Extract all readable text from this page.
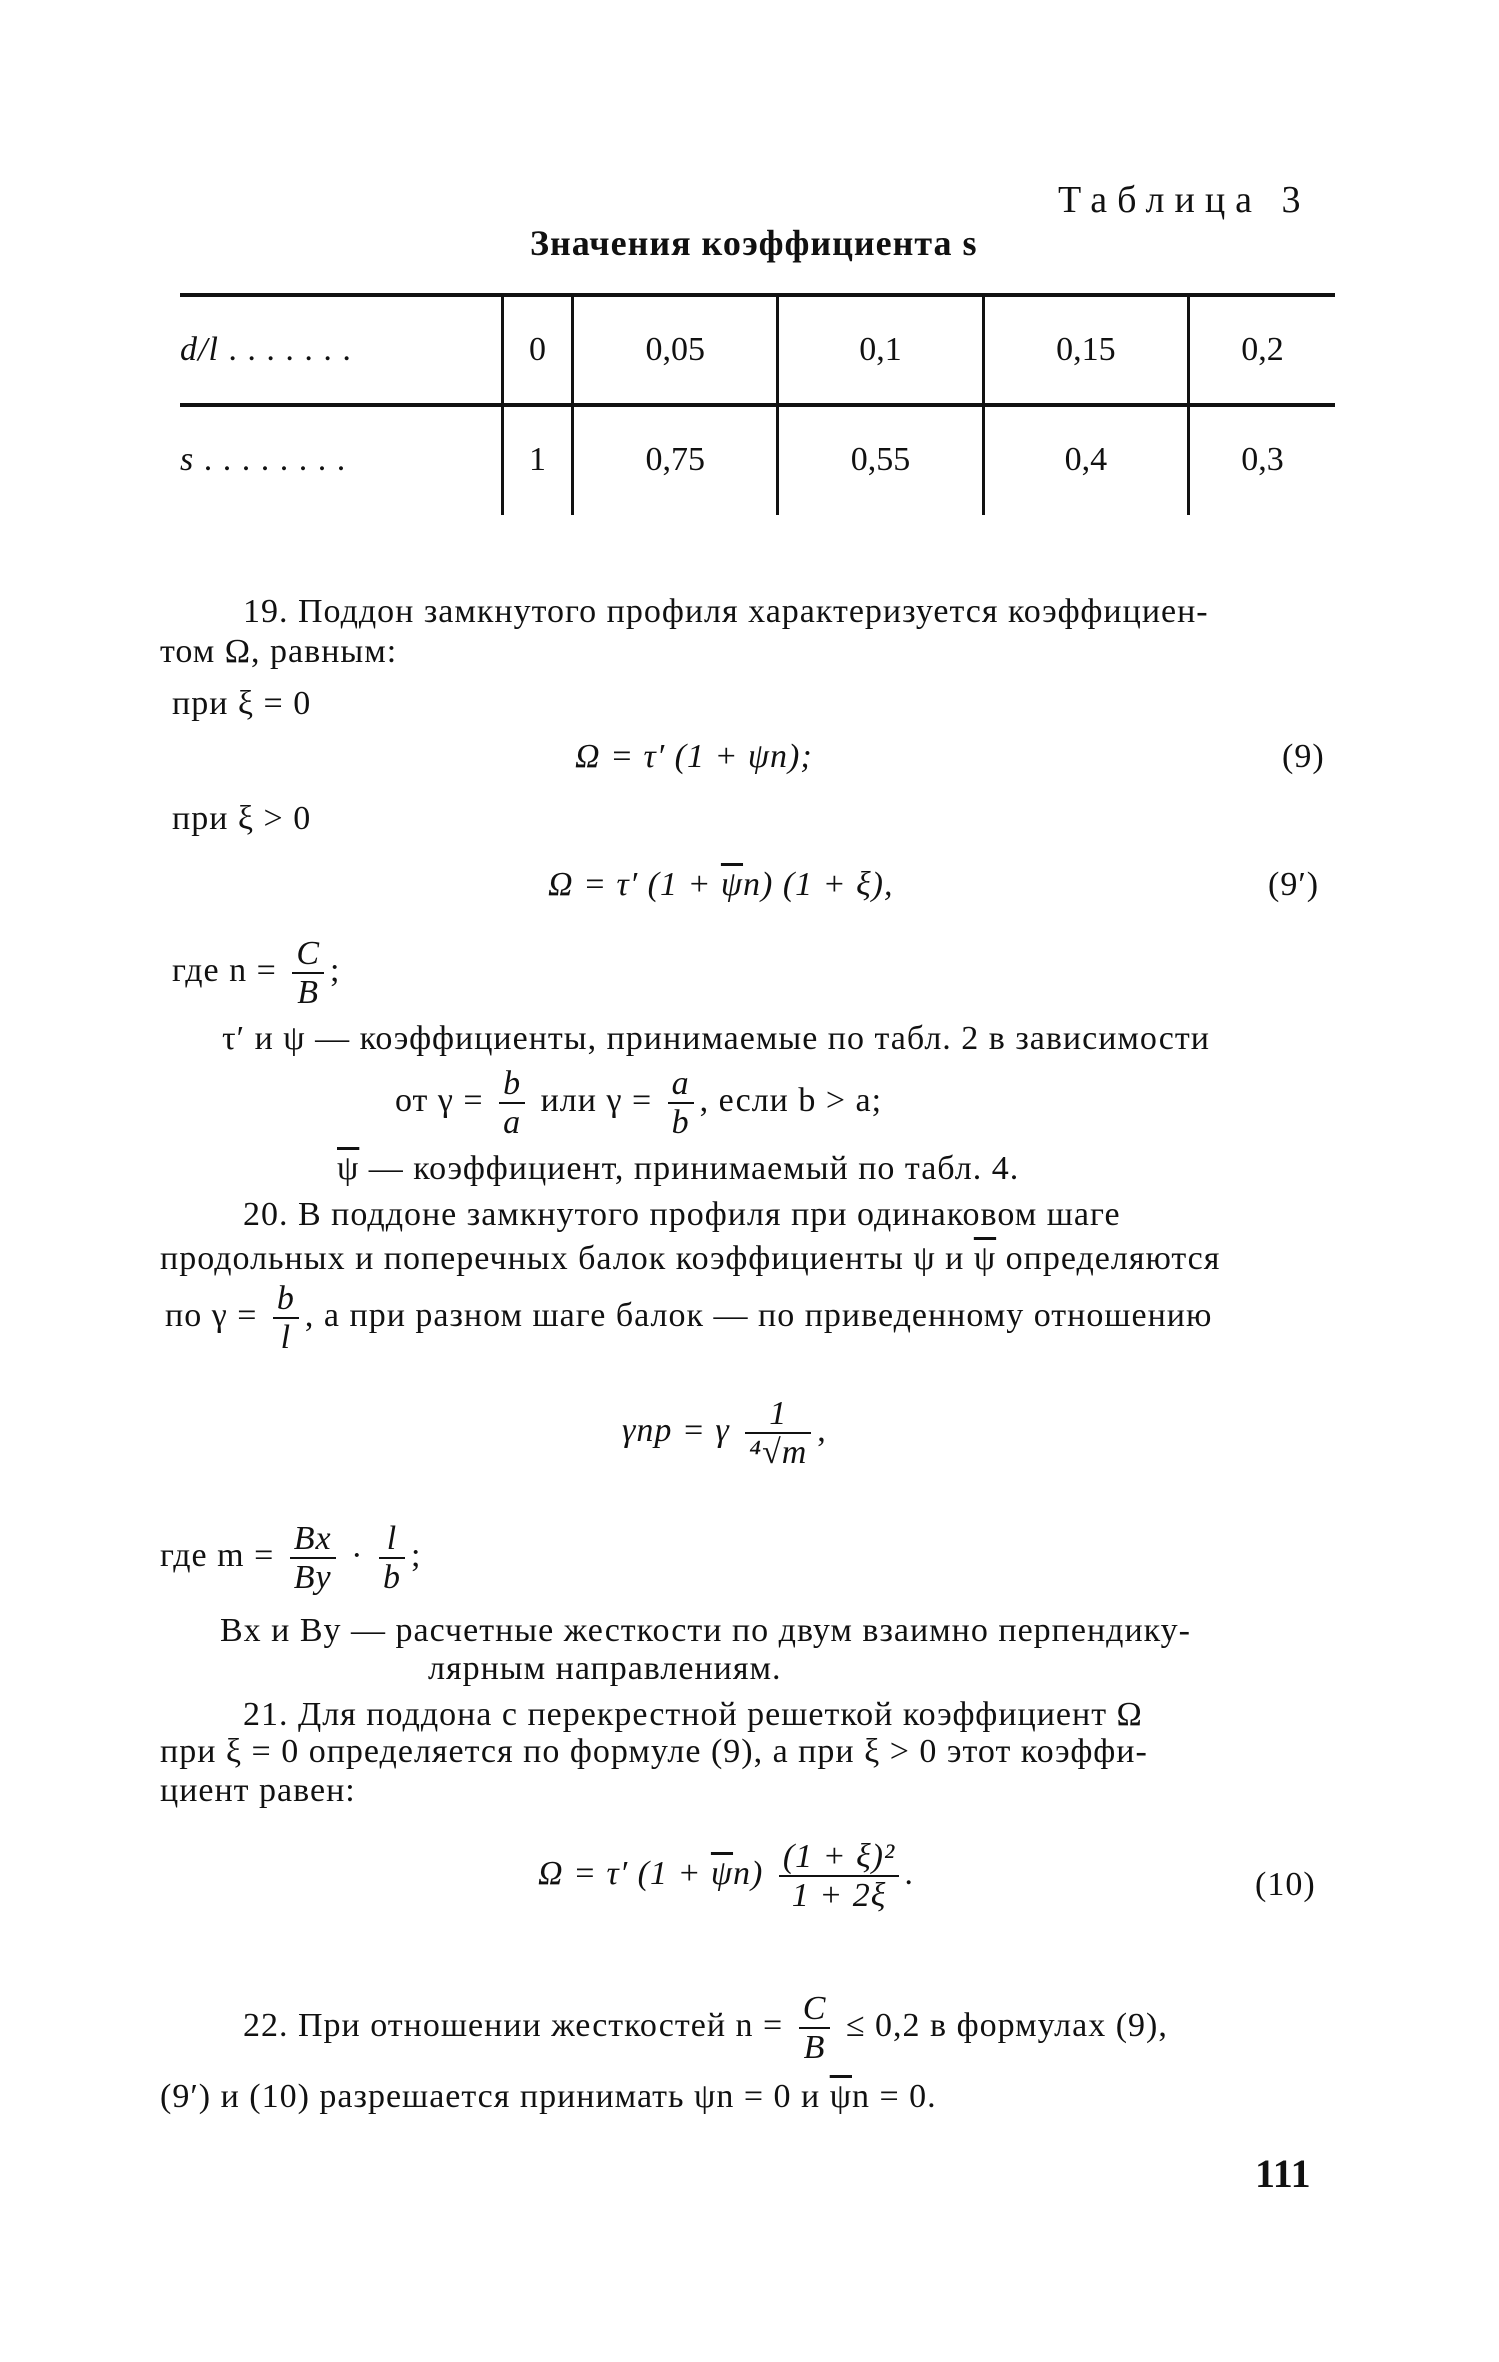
Таблица 3
Значения коэффициента s
d/l . . . . . . .	0	0,05	0,1	0,15	0,2
s . . . . . . . .	1	0,75	0,55	0,4	0,3
19. Поддон замкнутого профиля характеризуется коэффициен-
том Ω, равным:
при ξ = 0
Ω = τ′ (1 + ψn);	(9)
при ξ > 0
Ω = τ′ $(1 + \overline{\psi}n)$ (1 + ξ),	(9′)
где $n = \frac{C}{B}$ ;
τ′ и ψ — коэффициенты, принимаемые по табл. 2 в зависимости
от $\gamma = \frac{b}{a}$ или $\gamma = \frac{a}{b}$ , если b > a;
$\overline{\psi}$ — коэффициент, принимаемый по табл. 4.
20. В поддоне замкнутого профиля при одинаковом шаге
продольных и поперечных балок коэффициенты ψ и $\overline{\psi}$ определяются
по $\gamma = \frac{b}{l}$ , а при разном шаге балок — по приведенному отношению
γпр = γ $\frac{1}{\text{⁴√m}}$ ,
где $m = \frac{Bx}{By} \cdot \frac{l}{b}$ ;
Bx и By — расчетные жесткости по двум взаимно перпендику-
лярным направлениям.
21. Для поддона с перекрестной решеткой коэффициент Ω
при ξ = 0 определяется по формуле (9), а при ξ > 0 этот коэффи-
циент равен:
Ω = τ′ $(1 + \overline{\psi}n) \frac{\text{(1 + ξ)²}}{1 + 2\xi}$ .	(10)
22. При отношении жесткостей $n = \frac{C}{B} \le 0,2$ в формулах (9),
(9′) и (10) разрешается принимать ψn = 0 и $\overline{\psi}n = 0$.
111
